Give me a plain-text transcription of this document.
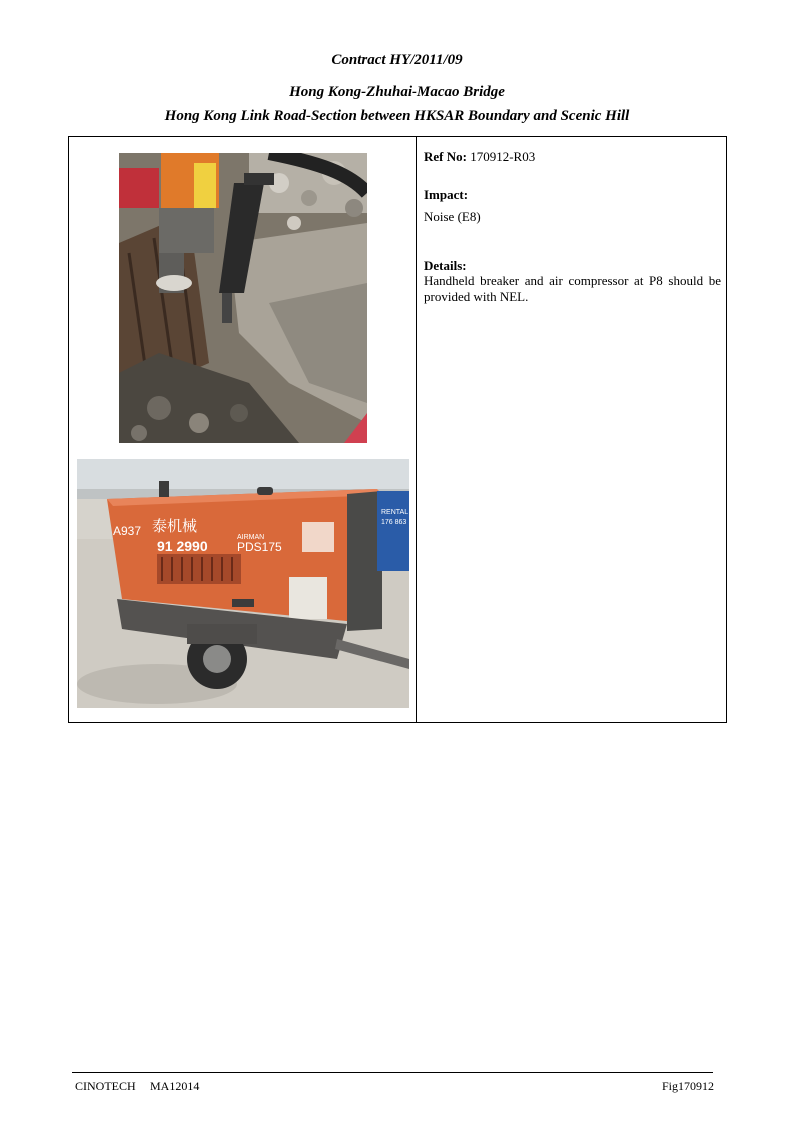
Contract HY/2011/09
Hong Kong-Zhuhai-Macao Bridge
Hong Kong Link Road-Section between HKSAR Boundary and Scenic Hill
A937 泰机械
91 2990
AIRMAN
PDS175
RENTAL
176 863
Ref No: 170912-R03
Impact:
Noise (E8)
Details:
Handheld breaker and air compressor at P8 should be provided with NEL.
CINOTECH MA12014	Fig170912
